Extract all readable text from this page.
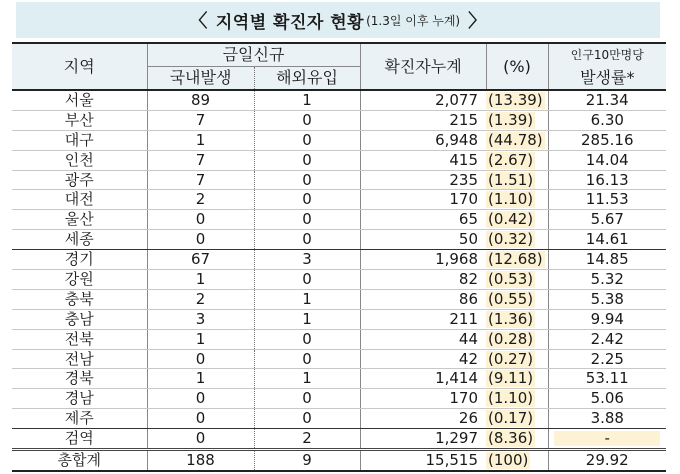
〈 지역별 확진자 현황 (1.3일 이후 누계) 〉
지역	금일신규		확진자누계	(%)	인구10만명당
	국내발생	해외유입			발생률*
서울	89	1	2,077	(13.39)	21.34
부산	7	0	215	(1.39)	6.30
대구	1	0	6,948	(44.78)	285.16
인천	7	0	415	(2.67)	14.04
광주	7	0	235	(1.51)	16.13
대전	2	0	170	(1.10)	11.53
울산	0	0	65	(0.42)	5.67
세종	0	0	50	(0.32)	14.61
경기	67	3	1,968	(12.68)	14.85
강원	1	0	82	(0.53)	5.32
충북	2	1	86	(0.55)	5.38
충남	3	1	211	(1.36)	9.94
전북	1	0	44	(0.28)	2.42
전남	0	0	42	(0.27)	2.25
경북	1	1	1,414	(9.11)	53.11
경남	0	0	170	(1.10)	5.06
제주	0	0	26	(0.17)	3.88
검역	0	2	1,297	(8.36)	-
총합계	188	9	15,515	(100)	29.92
